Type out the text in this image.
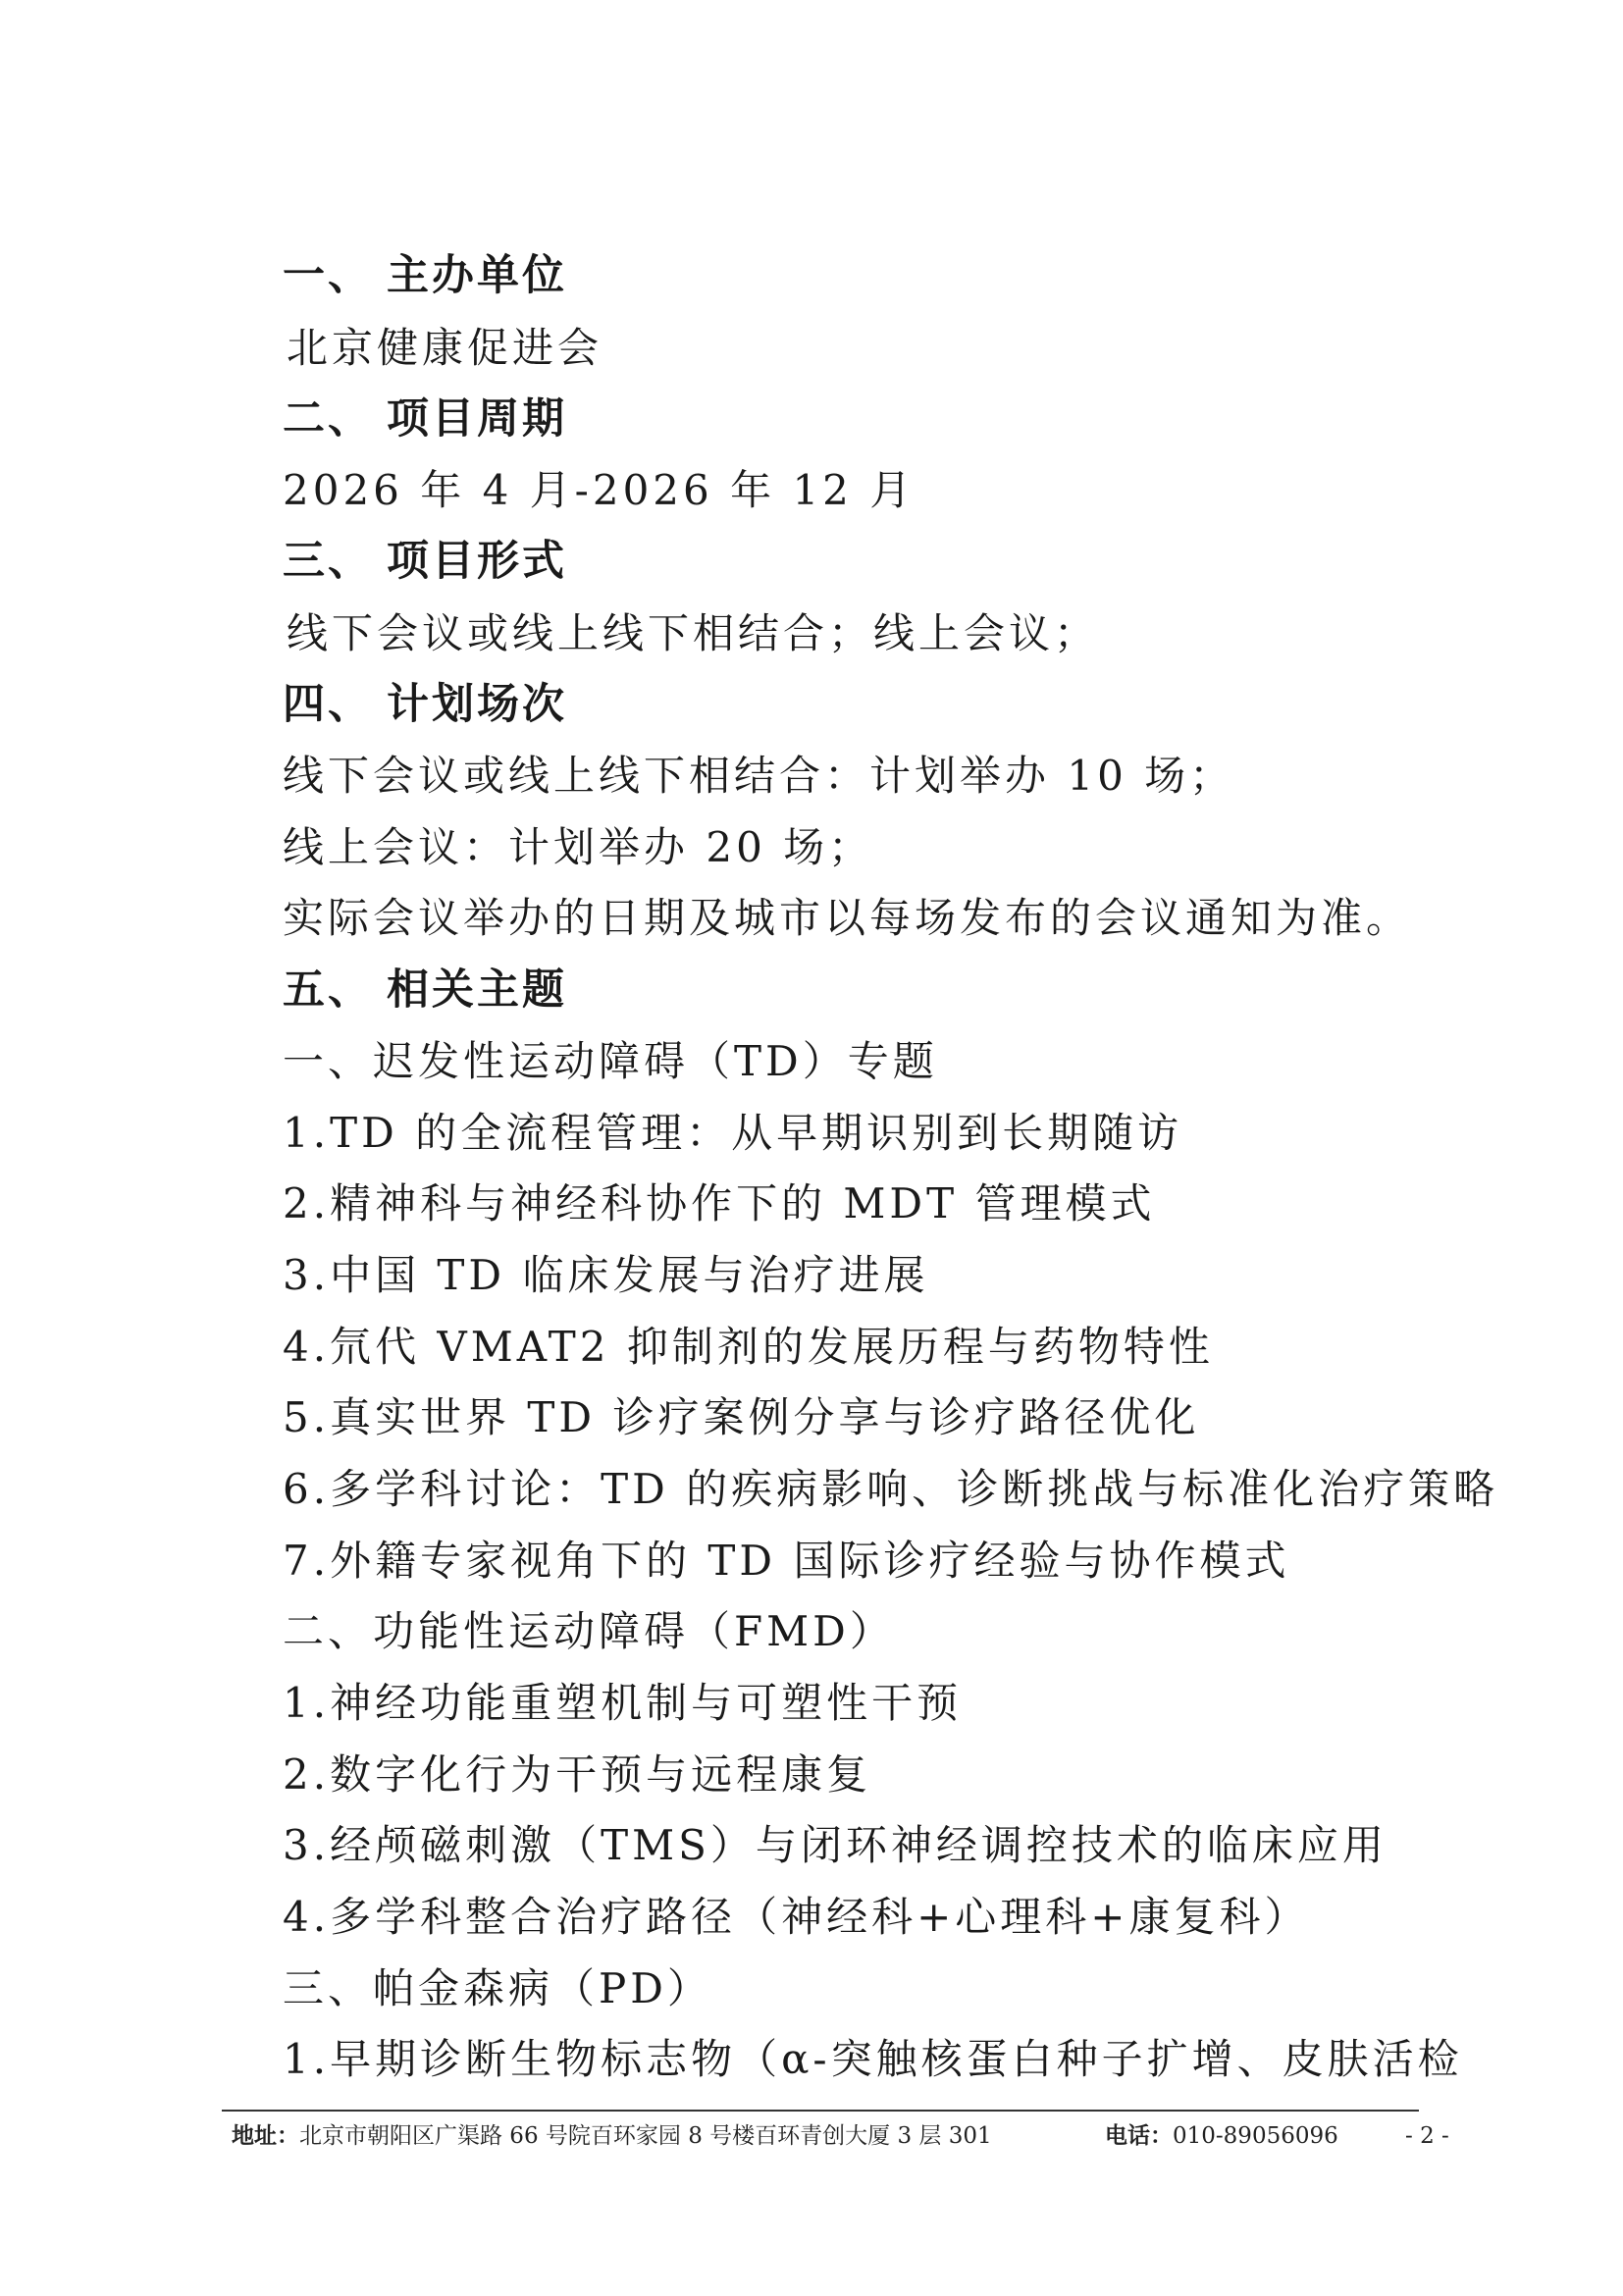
一、 主办单位
北京健康促进会
二、 项目周期
2026 年 4 月-2026 年 12 月
三、 项目形式
线下会议或线上线下相结合；线上会议；
四、 计划场次
线下会议或线上线下相结合：计划举办 10 场；
线上会议：计划举办 20 场；
实际会议举办的日期及城市以每场发布的会议通知为准。
五、 相关主题
一、迟发性运动障碍（TD）专题
1.TD 的全流程管理：从早期识别到长期随访
2.精神科与神经科协作下的 MDT 管理模式
3.中国 TD 临床发展与治疗进展
4.氘代 VMAT2 抑制剂的发展历程与药物特性
5.真实世界 TD 诊疗案例分享与诊疗路径优化
6.多学科讨论：TD 的疾病影响、诊断挑战与标准化治疗策略
7.外籍专家视角下的 TD 国际诊疗经验与协作模式
二、功能性运动障碍（FMD）
1.神经功能重塑机制与可塑性干预
2.数字化行为干预与远程康复
3.经颅磁刺激（TMS）与闭环神经调控技术的临床应用
4.多学科整合治疗路径（神经科+心理科+康复科）
三、帕金森病（PD）
1.早期诊断生物标志物（α-突触核蛋白种子扩增、皮肤活检
地址：北京市朝阳区广渠路 66 号院百环家园 8 号楼百环青创大厦 3 层 301	电话：010-89056096	- 2 -
